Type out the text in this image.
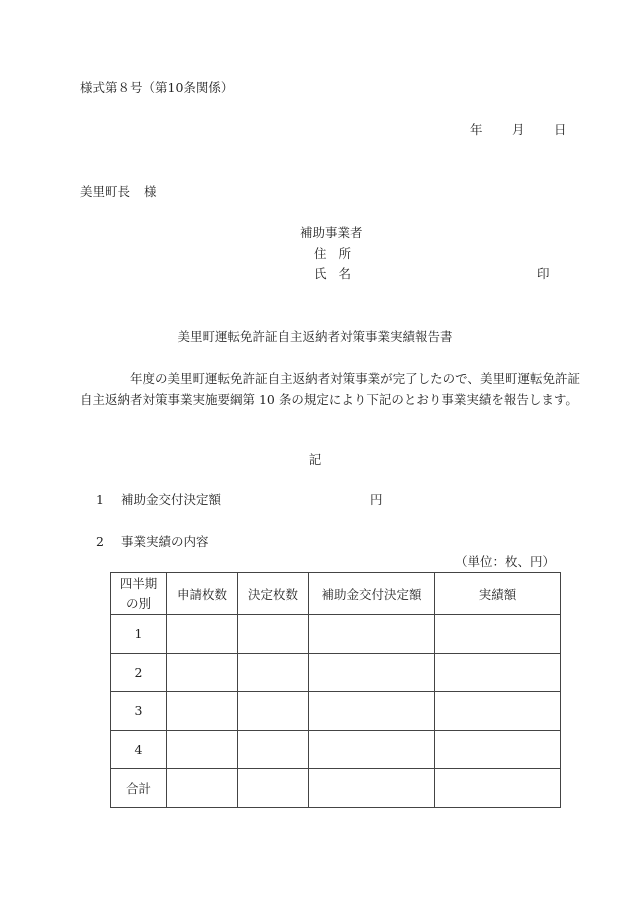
様式第８号（第10条関係）
年 月 日
美里町長 様
補助事業者
住所
氏名	印
美里町運転免許証自主返納者対策事業実績報告書
　　　　年度の美里町運転免許証自主返納者対策事業が完了したので、美里町運転免許証自主返納者対策事業実施要綱第 10 条の規定により下記のとおり事業実績を報告します。
記
1 補助金交付決定額	円
2 事業実績の内容
（単位：枚、円）
四半期
の別	申請枚数	決定枚数	補助金交付決定額	実績額
1				
2				
3				
4				
合計				
